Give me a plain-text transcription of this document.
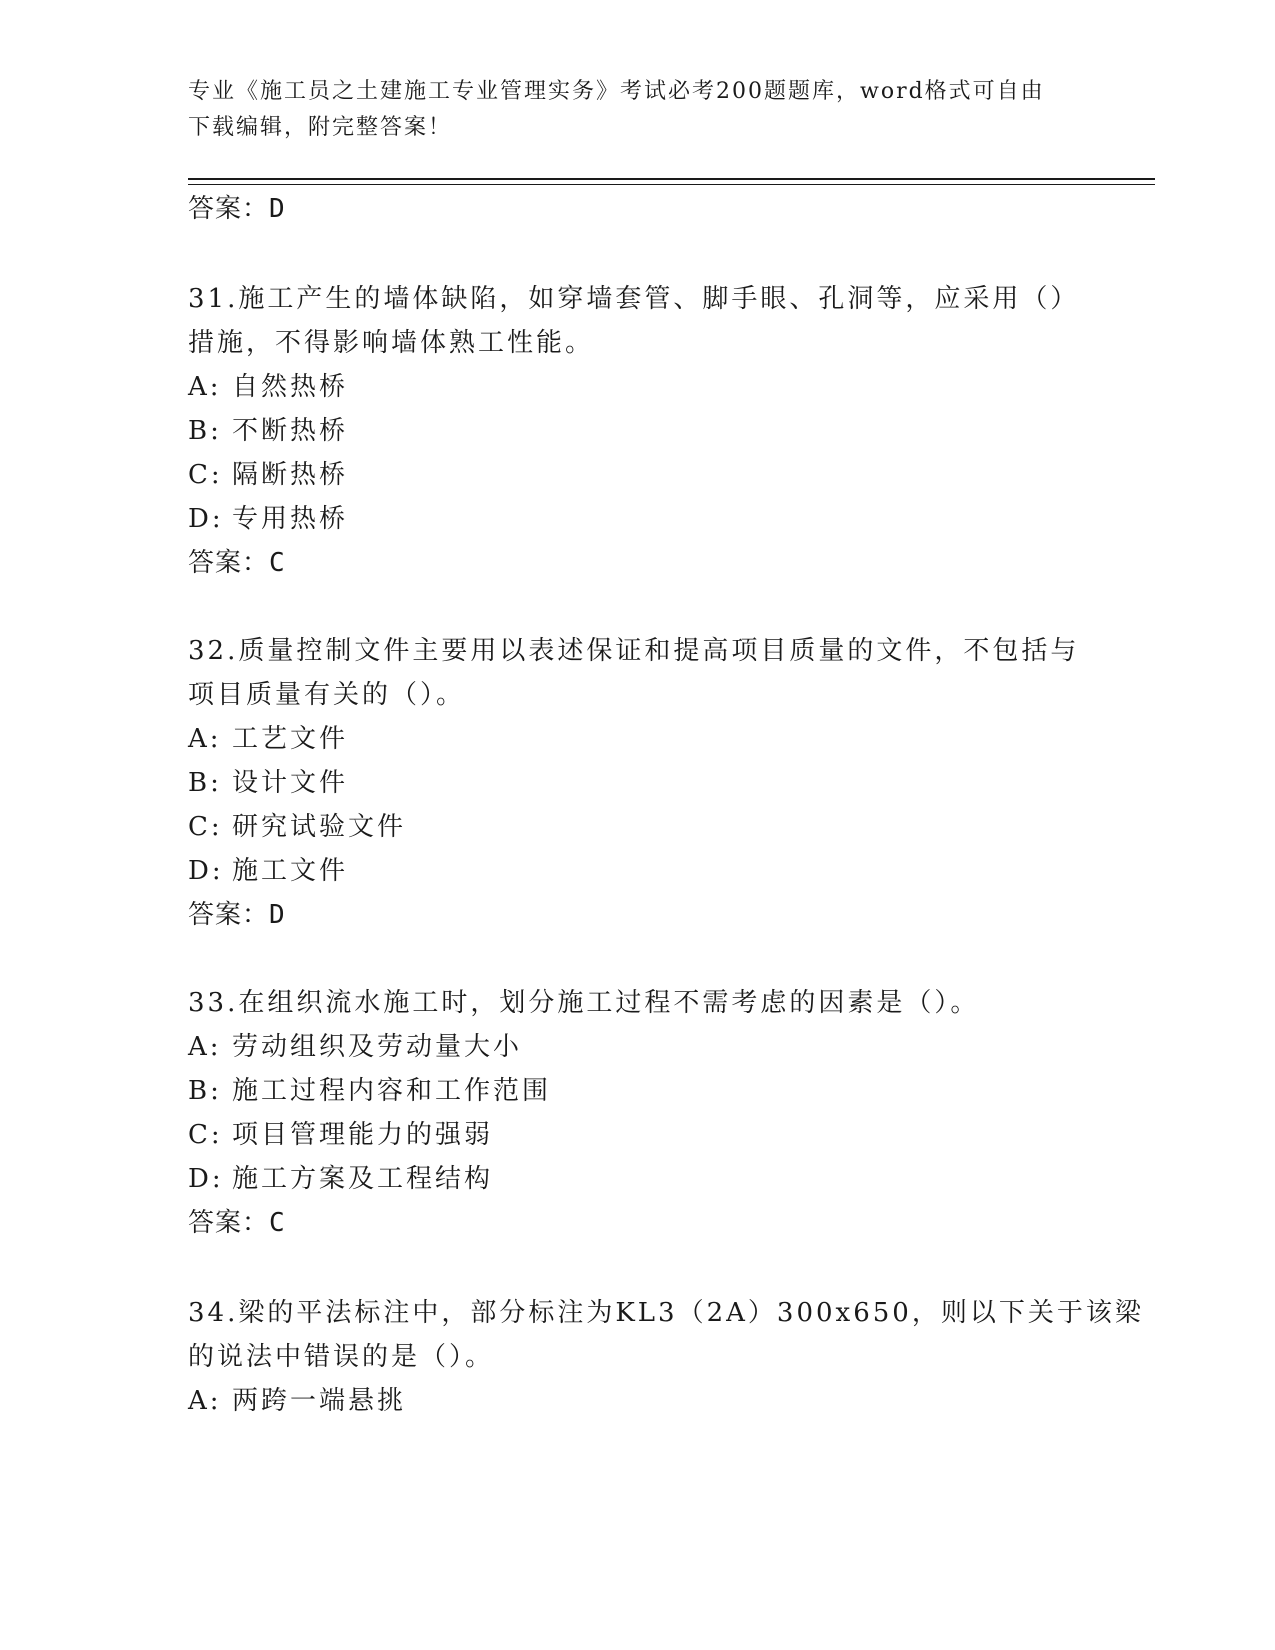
专业《施工员之土建施工专业管理实务》考试必考200题题库，word格式可自由
下载编辑，附完整答案！
答案：D
31.施工产生的墙体缺陷，如穿墙套管、脚手眼、孔洞等，应采用（）
措施，不得影响墙体熟工性能。
A: 自然热桥
B: 不断热桥
C: 隔断热桥
D: 专用热桥
答案：C
32.质量控制文件主要用以表述保证和提高项目质量的文件，不包括与
项目质量有关的（）。
A: 工艺文件
B: 设计文件
C: 研究试验文件
D: 施工文件
答案：D
33.在组织流水施工时，划分施工过程不需考虑的因素是（）。
A: 劳动组织及劳动量大小
B: 施工过程内容和工作范围
C: 项目管理能力的强弱
D: 施工方案及工程结构
答案：C
34.梁的平法标注中，部分标注为KL3（2A）300x650，则以下关于该梁
的说法中错误的是（）。
A: 两跨一端悬挑
